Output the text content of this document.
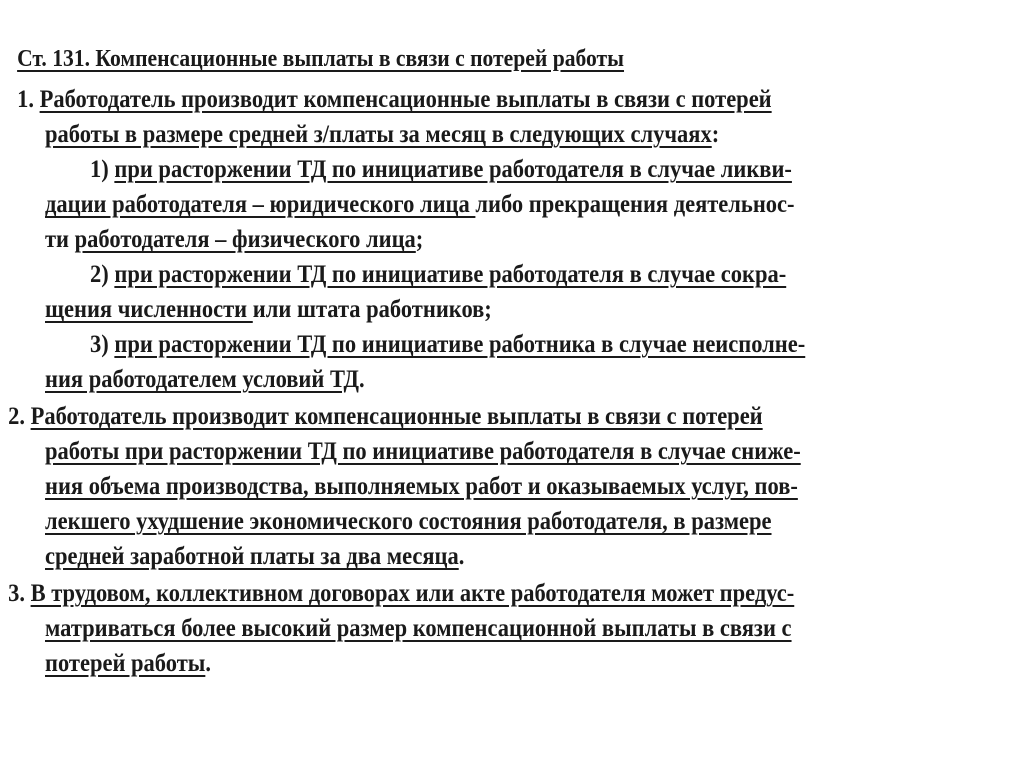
Ст. 131. Компенсационные выплаты в связи с потерей работы
1. Работодатель производит компенсационные выплаты в связи с потерей
работы в размере средней з/платы за месяц в следующих случаях:
1) при расторжении ТД по инициативе работодателя в случае ликви-
дации работодателя – юридического лица либо прекращения деятельнос-
ти работодателя – физического лица;
2) при расторжении ТД по инициативе работодателя в случае сокра-
щения численности или штата работников;
3) при расторжении ТД по инициативе работника в случае неисполне-
ния работодателем условий ТД.
2. Работодатель производит компенсационные выплаты в связи с потерей
работы при расторжении ТД по инициативе работодателя в случае сниже-
ния объема производства, выполняемых работ и оказываемых услуг, пов-
лекшего ухудшение экономического состояния работодателя, в размере
средней заработной платы за два месяца.
3. В трудовом, коллективном договорах или акте работодателя может предус-
матриваться более высокий размер компенсационной выплаты в связи с
потерей работы.
